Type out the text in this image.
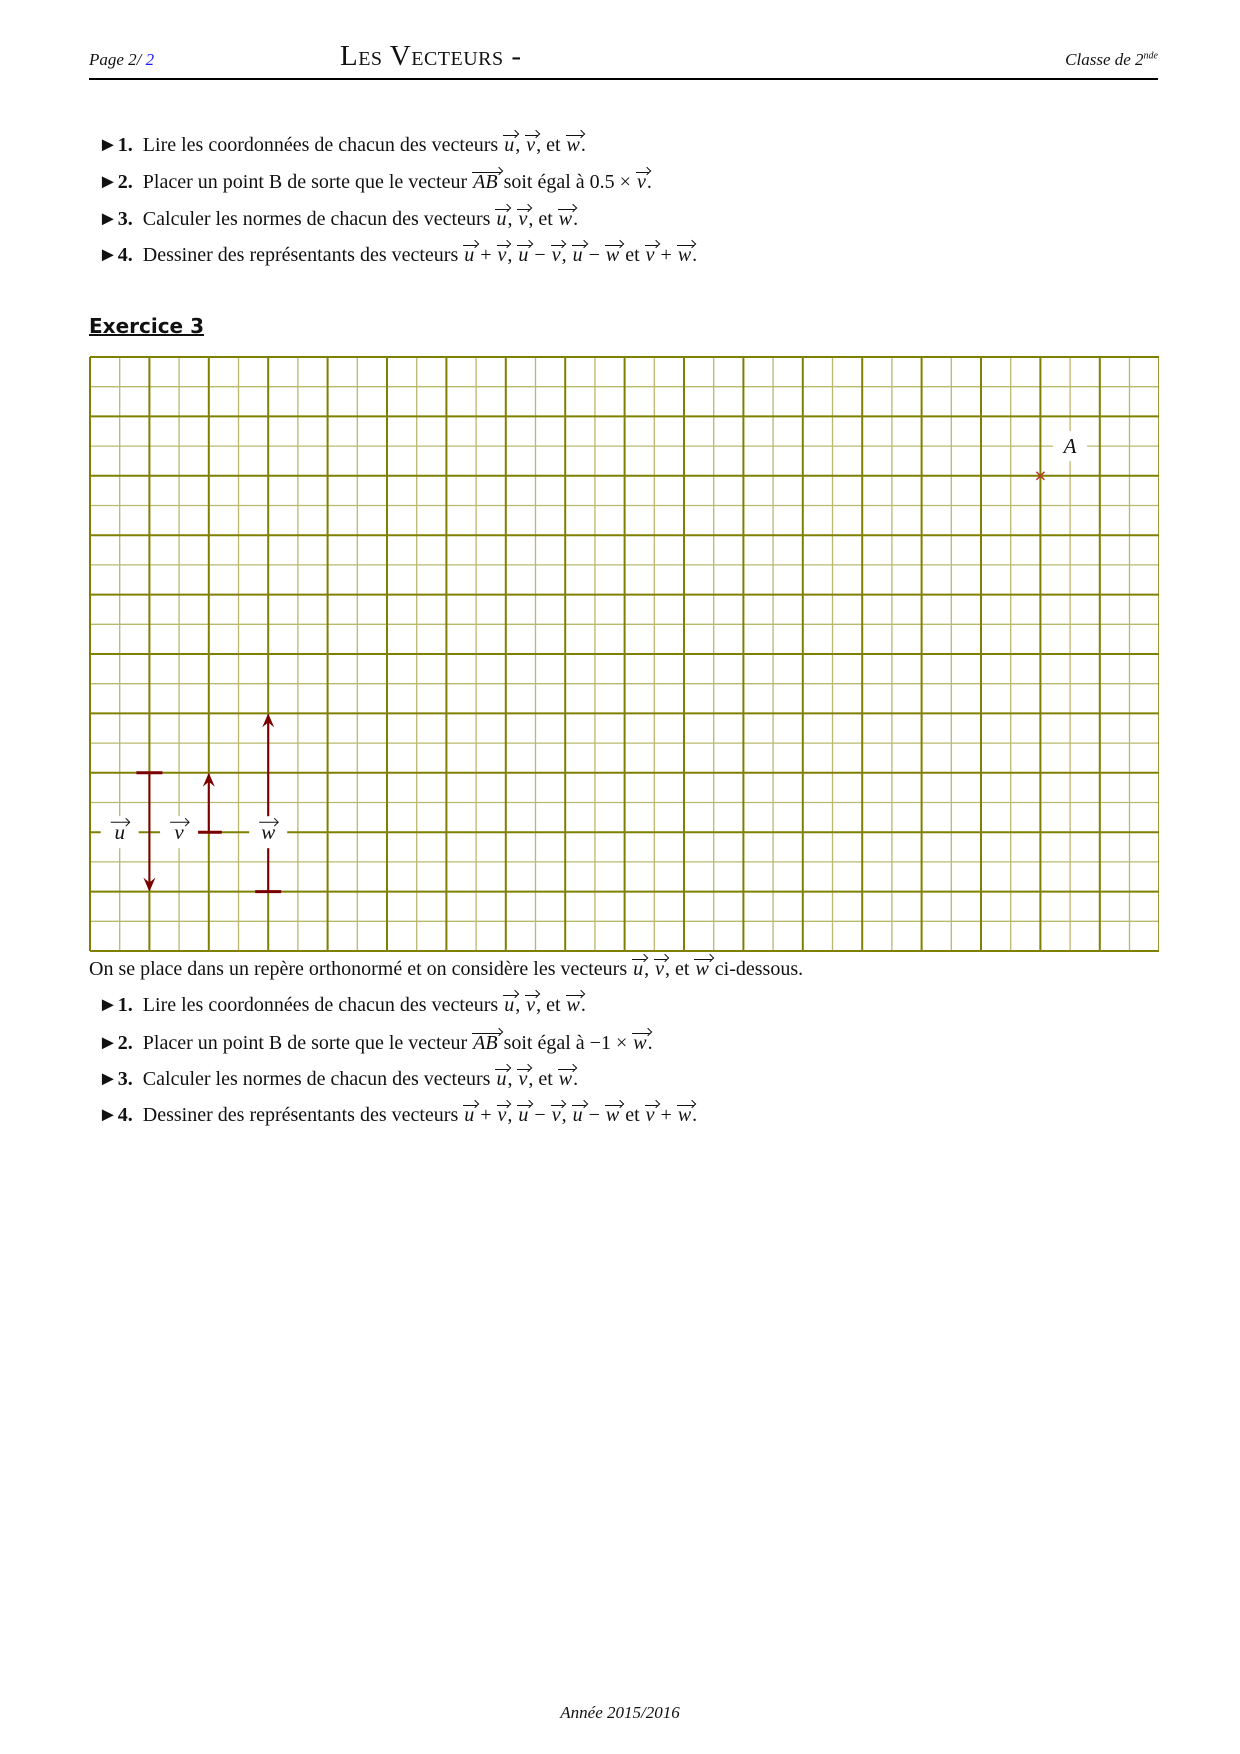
Page 2/ 2	Les Vecteurs -	Classe de 2nde
►1. Lire les coordonnées de chacun des vecteurs u, v, et w.
►2. Placer un point B de sorte que le vecteur AB soit égal à 0.5 × v.
►3. Calculer les normes de chacun des vecteurs u, v, et w.
►4. Dessiner des représentants des vecteurs u + v, u − v, u − w et v + w.
Exercice 3
u v	w
A
On se place dans un repère orthonormé et on considère les vecteurs u, v, et w ci-dessous.
►1. Lire les coordonnées de chacun des vecteurs u, v, et w.
►2. Placer un point B de sorte que le vecteur AB soit égal à −1 × w.
►3. Calculer les normes de chacun des vecteurs u, v, et w.
►4. Dessiner des représentants des vecteurs u + v, u − v, u − w et v + w.
Année 2015/2016
